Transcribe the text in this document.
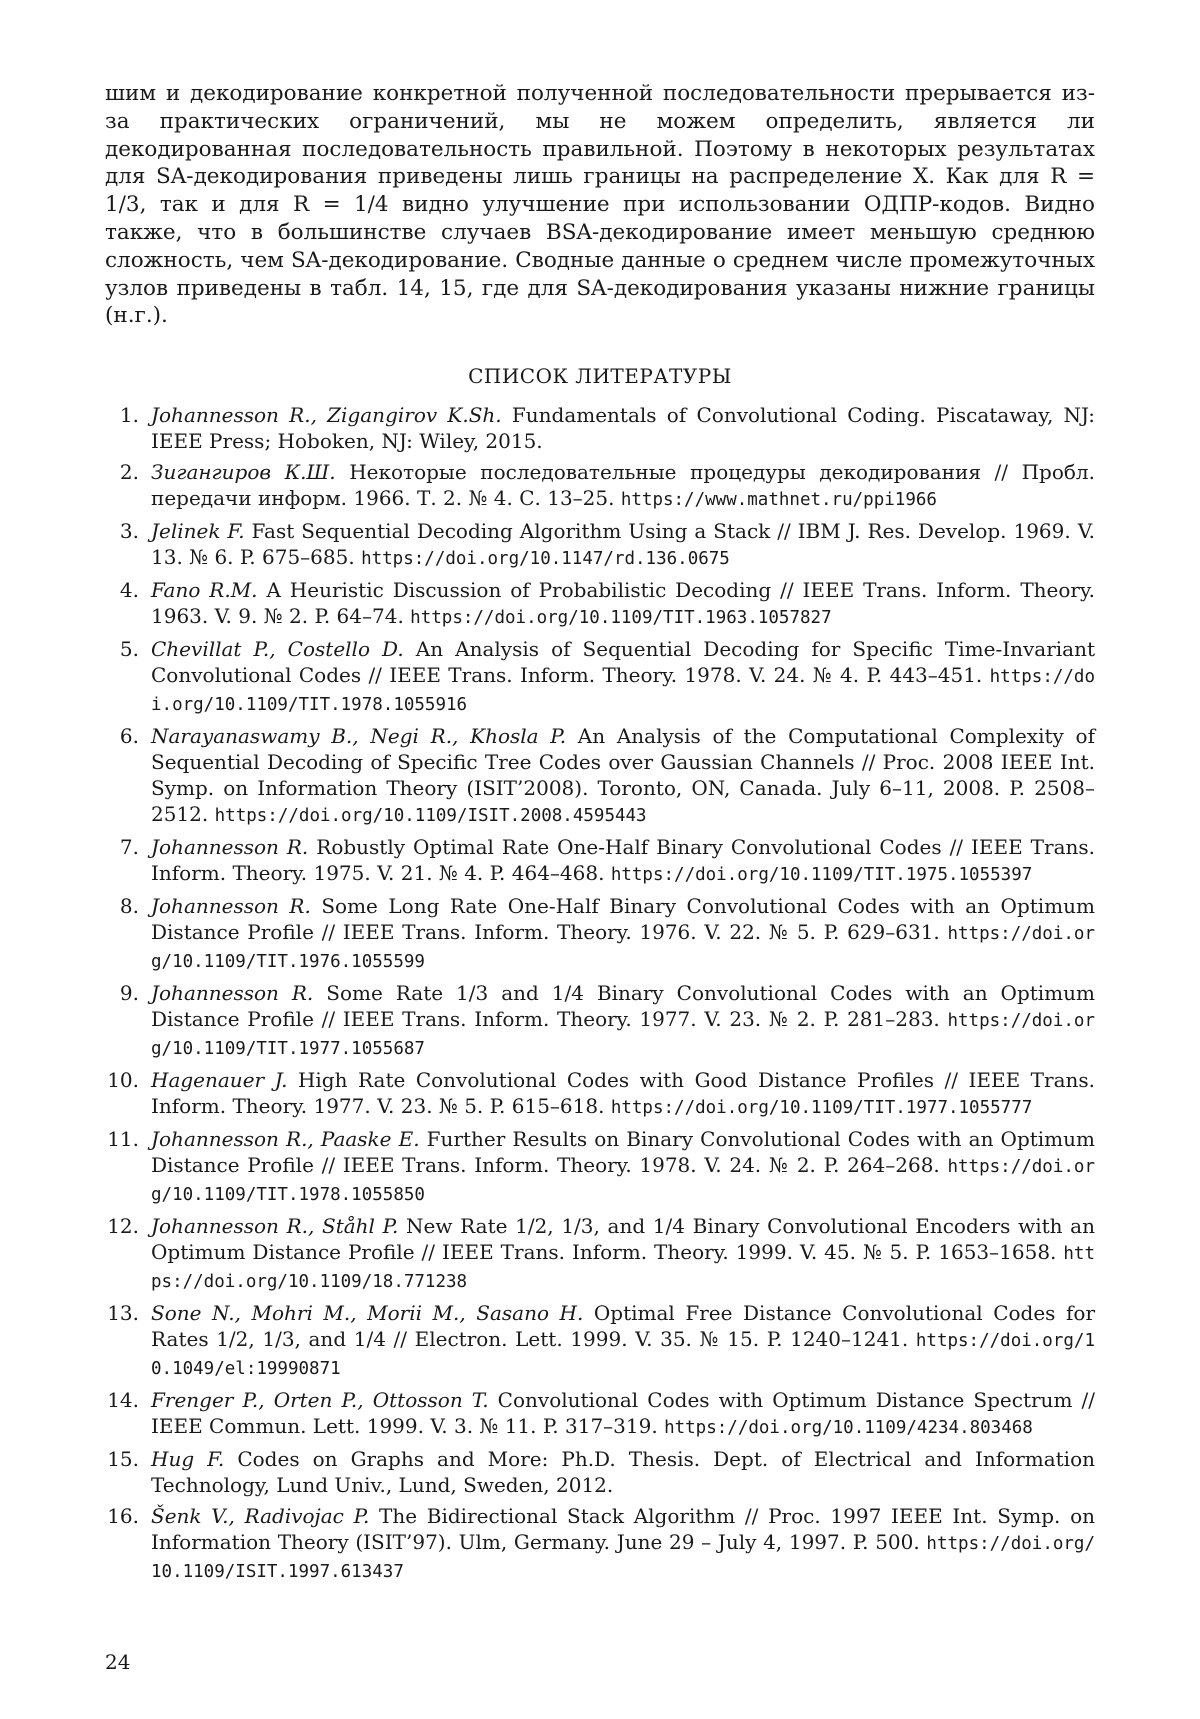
шим и декодирование конкретной полученной последовательности прерывается из-за практических ограничений, мы не можем определить, является ли декодированная последовательность правильной. Поэтому в некоторых результатах для SA-декодирования приведены лишь границы на распределение X. Как для R = 1/3, так и для R = 1/4 видно улучшение при использовании ОДПР-кодов. Видно также, что в большинстве случаев BSA-декодирование имеет меньшую среднюю сложность, чем SA-декодирование. Сводные данные о среднем числе промежуточных узлов приведены в табл. 14, 15, где для SA-декодирования указаны нижние границы (н.г.).

СПИСОК ЛИТЕРАТУРЫ
1. Johannesson R., Zigangirov K.Sh. Fundamentals of Convolutional Coding. Piscataway, NJ: IEEE Press; Hoboken, NJ: Wiley, 2015.
2. Зигангиров К.Ш. Некоторые последовательные процедуры декодирования // Пробл. передачи информ. 1966. Т. 2. № 4. С. 13–25. https://www.mathnet.ru/ppi1966
3. Jelinek F. Fast Sequential Decoding Algorithm Using a Stack // IBM J. Res. Develop. 1969. V. 13. № 6. P. 675–685. https://doi.org/10.1147/rd.136.0675
4. Fano R.M. A Heuristic Discussion of Probabilistic Decoding // IEEE Trans. Inform. Theory. 1963. V. 9. № 2. P. 64–74. https://doi.org/10.1109/TIT.1963.1057827
5. Chevillat P., Costello D. An Analysis of Sequential Decoding for Specific Time-Invariant Convolutional Codes // IEEE Trans. Inform. Theory. 1978. V. 24. № 4. P. 443–451. https://doi.org/10.1109/TIT.1978.1055916
6. Narayanaswamy B., Negi R., Khosla P. An Analysis of the Computational Complexity of Sequential Decoding of Specific Tree Codes over Gaussian Channels // Proc. 2008 IEEE Int. Symp. on Information Theory (ISIT’2008). Toronto, ON, Canada. July 6–11, 2008. P. 2508–2512. https://doi.org/10.1109/ISIT.2008.4595443
7. Johannesson R. Robustly Optimal Rate One-Half Binary Convolutional Codes // IEEE Trans. Inform. Theory. 1975. V. 21. № 4. P. 464–468. https://doi.org/10.1109/TIT.1975.1055397
8. Johannesson R. Some Long Rate One-Half Binary Convolutional Codes with an Optimum Distance Profile // IEEE Trans. Inform. Theory. 1976. V. 22. № 5. P. 629–631. https://doi.org/10.1109/TIT.1976.1055599
9. Johannesson R. Some Rate 1/3 and 1/4 Binary Convolutional Codes with an Optimum Distance Profile // IEEE Trans. Inform. Theory. 1977. V. 23. № 2. P. 281–283. https://doi.org/10.1109/TIT.1977.1055687
10. Hagenauer J. High Rate Convolutional Codes with Good Distance Profiles // IEEE Trans. Inform. Theory. 1977. V. 23. № 5. P. 615–618. https://doi.org/10.1109/TIT.1977.1055777
11. Johannesson R., Paaske E. Further Results on Binary Convolutional Codes with an Optimum Distance Profile // IEEE Trans. Inform. Theory. 1978. V. 24. № 2. P. 264–268. https://doi.org/10.1109/TIT.1978.1055850
12. Johannesson R., Ståhl P. New Rate 1/2, 1/3, and 1/4 Binary Convolutional Encoders with an Optimum Distance Profile // IEEE Trans. Inform. Theory. 1999. V. 45. № 5. P. 1653–1658. https://doi.org/10.1109/18.771238
13. Sone N., Mohri M., Morii M., Sasano H. Optimal Free Distance Convolutional Codes for Rates 1/2, 1/3, and 1/4 // Electron. Lett. 1999. V. 35. № 15. P. 1240–1241. https://doi.org/10.1049/el:19990871
14. Frenger P., Orten P., Ottosson T. Convolutional Codes with Optimum Distance Spectrum // IEEE Commun. Lett. 1999. V. 3. № 11. P. 317–319. https://doi.org/10.1109/4234.803468
15. Hug F. Codes on Graphs and More: Ph.D. Thesis. Dept. of Electrical and Information Technology, Lund Univ., Lund, Sweden, 2012.
16. Šenk V., Radivojac P. The Bidirectional Stack Algorithm // Proc. 1997 IEEE Int. Symp. on Information Theory (ISIT’97). Ulm, Germany. June 29 – July 4, 1997. P. 500. https://doi.org/10.1109/ISIT.1997.613437
24
